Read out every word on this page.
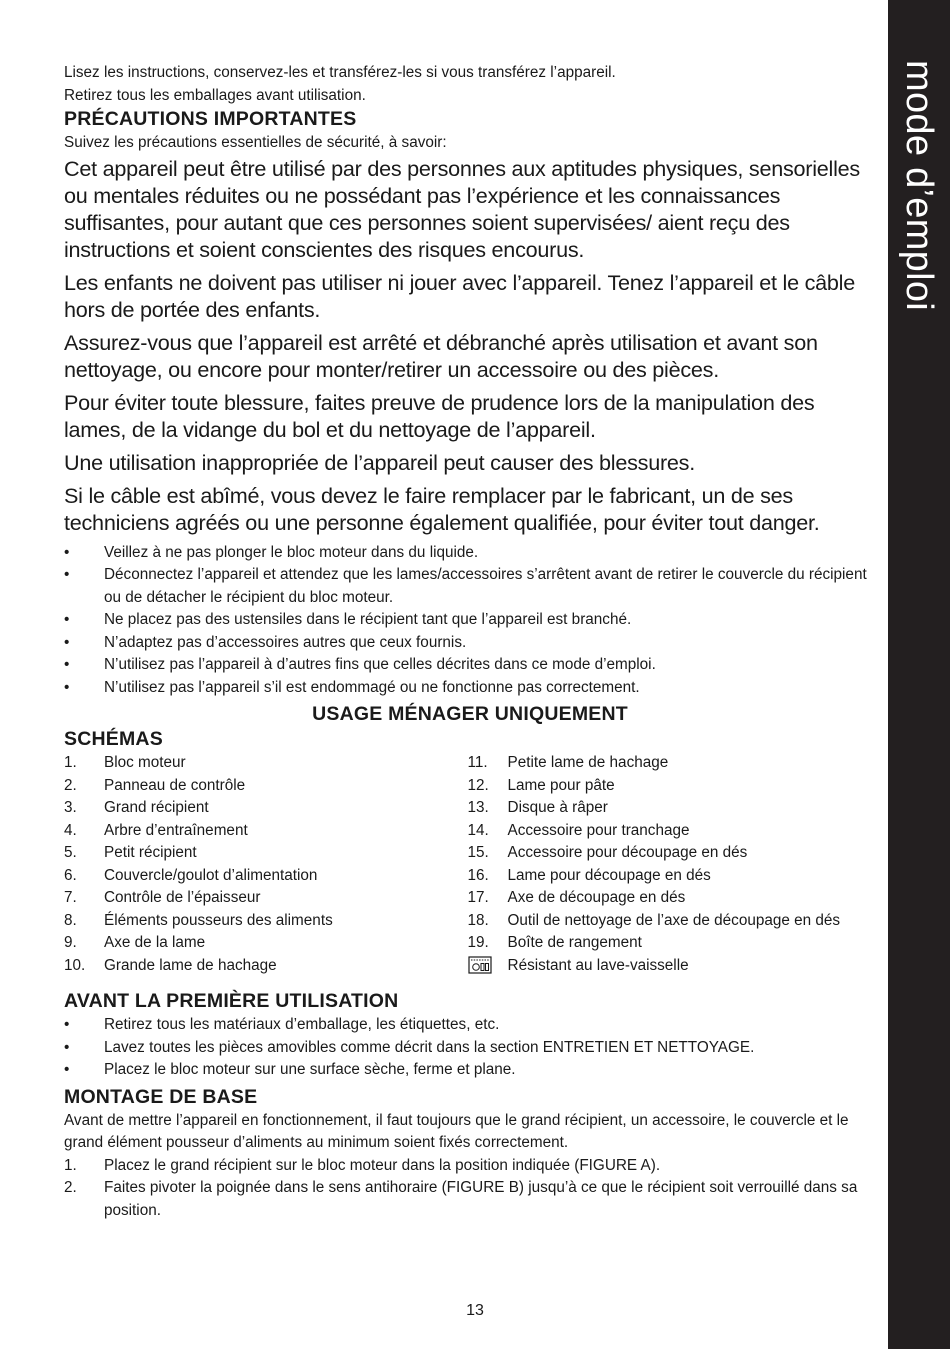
mode d’emploi

Lisez les instructions, conservez-les et transférez-les si vous transférez l’appareil.

Retirez tous les emballages avant utilisation.

PRÉCAUTIONS IMPORTANTES

Suivez les précautions essentielles de sécurité, à savoir:

Cet appareil peut être utilisé par des personnes aux aptitudes physiques, sensorielles ou mentales réduites ou ne possédant pas l’expérience et les connaissances suffisantes, pour autant que ces personnes soient supervisées/ aient reçu des instructions et soient conscientes des risques encourus.

Les enfants ne doivent pas utiliser ni jouer avec l’appareil. Tenez l’appareil et le câble hors de portée des enfants.

Assurez-vous que l’appareil est arrêté et débranché après utilisation et avant son nettoyage, ou encore pour monter/retirer un accessoire ou des pièces.

Pour éviter toute blessure, faites preuve de prudence lors de la manipulation des lames, de la vidange du bol et du nettoyage de l’appareil.

Une utilisation inappropriée de l’appareil peut causer des blessures.

Si le câble est abîmé, vous devez le faire remplacer par le fabricant, un de ses techniciens agréés ou une personne également qualifiée, pour éviter tout danger.

•	Veillez à ne pas plonger le bloc moteur dans du liquide.
•	Déconnectez l’appareil et attendez que les lames/accessoires s’arrêtent avant de retirer le couvercle du récipient ou de détacher le récipient du bloc moteur.
•	Ne placez pas des ustensiles dans le récipient tant que l’appareil est branché.
•	N’adaptez pas d’accessoires autres que ceux fournis.
•	N’utilisez pas l’appareil à d’autres fins que celles décrites dans ce mode d’emploi.
•	N’utilisez pas l’appareil s’il est endommagé ou ne fonctionne pas correctement.
USAGE MÉNAGER UNIQUEMENT

SCHÉMAS

1.	Bloc moteur
2.	Panneau de contrôle
3.	Grand récipient
4.	Arbre d’entraînement
5.	Petit récipient
6.	Couvercle/goulot d’alimentation
7.	Contrôle de l’épaisseur
8.	Éléments pousseurs des aliments
9.	Axe de la lame
10.	Grande lame de hachage
11.	Petite lame de hachage
12.	Lame pour pâte
13.	Disque à râper
14.	Accessoire pour tranchage
15.	Accessoire pour découpage en dés
16.	Lame pour découpage en dés
17.	Axe de découpage en dés
18.	Outil de nettoyage de l’axe de découpage en dés
19.	Boîte de rangement
Résistant au lave-vaisselle

AVANT LA PREMIÈRE UTILISATION

•	Retirez tous les matériaux d’emballage, les étiquettes, etc.
•	Lavez toutes les pièces amovibles comme décrit dans la section ENTRETIEN ET NETTOYAGE.
•	Placez le bloc moteur sur une surface sèche, ferme et plane.

MONTAGE DE BASE

Avant de mettre l’appareil en fonctionnement, il faut toujours que le grand récipient, un accessoire, le couvercle et le grand élément pousseur d’aliments au minimum soient fixés correctement.

1.	Placez le grand récipient sur le bloc moteur dans la position indiquée (FIGURE A).
2.	Faites pivoter la poignée dans le sens antihoraire (FIGURE B) jusqu’à ce que le récipient soit verrouillé dans sa position.
13
